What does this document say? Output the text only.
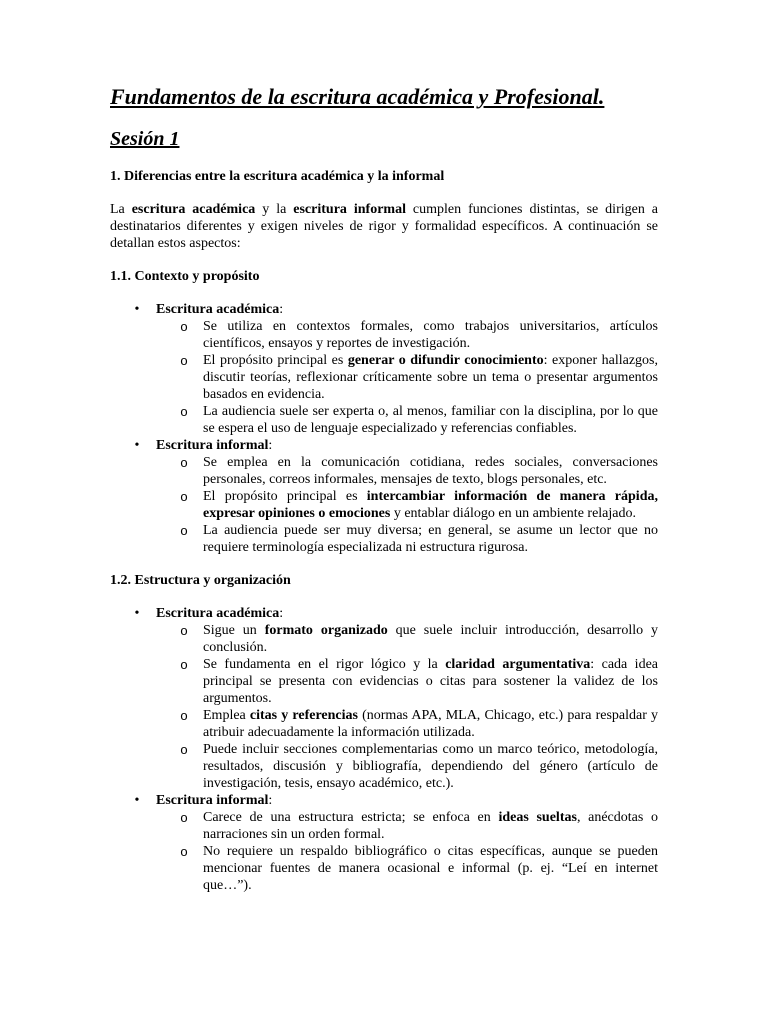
Fundamentos de la escritura académica y Profesional.
Sesión 1
1. Diferencias entre la escritura académica y la informal

La escritura académica y la escritura informal cumplen funciones distintas, se dirigen a destinatarios diferentes y exigen niveles de rigor y formalidad específicos. A continuación se detallan estos aspectos:

1.1. Contexto y propósito
• Escritura académica:
o Se utiliza en contextos formales, como trabajos universitarios, artículos científicos, ensayos y reportes de investigación.
o El propósito principal es generar o difundir conocimiento: exponer hallazgos, discutir teorías, reflexionar críticamente sobre un tema o presentar argumentos basados en evidencia.
o La audiencia suele ser experta o, al menos, familiar con la disciplina, por lo que se espera el uso de lenguaje especializado y referencias confiables.
• Escritura informal:
o Se emplea en la comunicación cotidiana, redes sociales, conversaciones personales, correos informales, mensajes de texto, blogs personales, etc.
o El propósito principal es intercambiar información de manera rápida, expresar opiniones o emociones y entablar diálogo en un ambiente relajado.
o La audiencia puede ser muy diversa; en general, se asume un lector que no requiere terminología especializada ni estructura rigurosa.
1.2. Estructura y organización
• Escritura académica:
o Sigue un formato organizado que suele incluir introducción, desarrollo y conclusión.
o Se fundamenta en el rigor lógico y la claridad argumentativa: cada idea principal se presenta con evidencias o citas para sostener la validez de los argumentos.
o Emplea citas y referencias (normas APA, MLA, Chicago, etc.) para respaldar y atribuir adecuadamente la información utilizada.
o Puede incluir secciones complementarias como un marco teórico, metodología, resultados, discusión y bibliografía, dependiendo del género (artículo de investigación, tesis, ensayo académico, etc.).
• Escritura informal:
o Carece de una estructura estricta; se enfoca en ideas sueltas, anécdotas o narraciones sin un orden formal.
o No requiere un respaldo bibliográfico o citas específicas, aunque se pueden mencionar fuentes de manera ocasional e informal (p. ej. “Leí en internet que…”).
